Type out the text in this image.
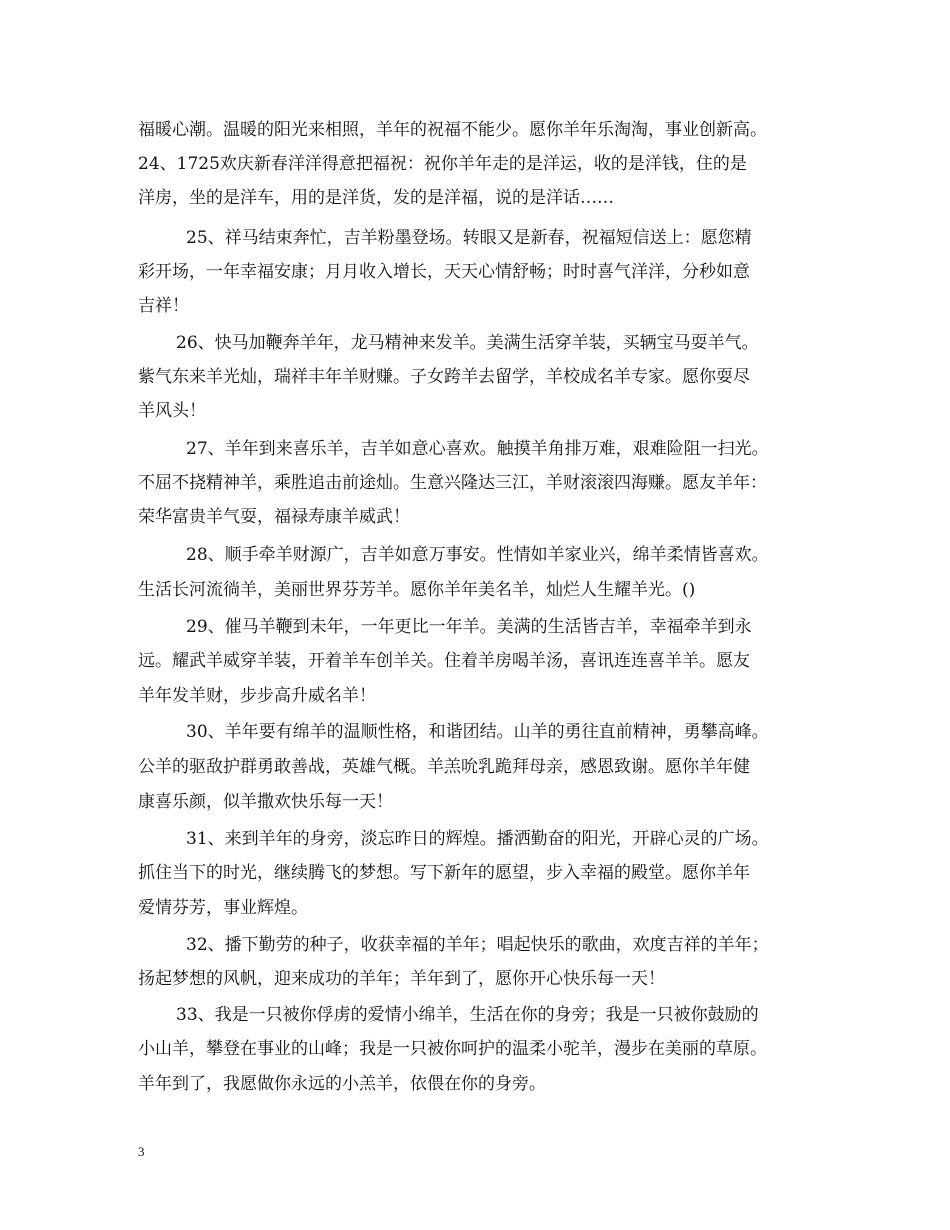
福暖心潮。温暖的阳光来相照，羊年的祝福不能少。愿你羊年乐淘淘，事业创新高。
24、1725欢庆新春洋洋得意把福祝：祝你羊年走的是洋运，收的是洋钱，住的是
洋房，坐的是洋车，用的是洋货，发的是洋福，说的是洋话……
25、祥马结束奔忙，吉羊粉墨登场。转眼又是新春，祝福短信送上：愿您精
彩开场，一年幸福安康；月月收入增长，天天心情舒畅；时时喜气洋洋，分秒如意
吉祥！
26、快马加鞭奔羊年，龙马精神来发羊。美满生活穿羊装，买辆宝马耍羊气。
紫气东来羊光灿，瑞祥丰年羊财赚。子女跨羊去留学，羊校成名羊专家。愿你耍尽
羊风头！
27、羊年到来喜乐羊，吉羊如意心喜欢。触摸羊角排万难，艰难险阻一扫光。
不屈不挠精神羊，乘胜追击前途灿。生意兴隆达三江，羊财滚滚四海赚。愿友羊年：
荣华富贵羊气耍，福禄寿康羊威武！
28、顺手牵羊财源广，吉羊如意万事安。性情如羊家业兴，绵羊柔情皆喜欢。
生活长河流徜羊，美丽世界芬芳羊。愿你羊年美名羊，灿烂人生耀羊光。()
29、催马羊鞭到未年，一年更比一年羊。美满的生活皆吉羊，幸福牵羊到永
远。耀武羊威穿羊装，开着羊车创羊关。住着羊房喝羊汤，喜讯连连喜羊羊。愿友
羊年发羊财，步步高升威名羊！
30、羊年要有绵羊的温顺性格，和谐团结。山羊的勇往直前精神，勇攀高峰。
公羊的驱敌护群勇敢善战，英雄气概。羊羔吮乳跪拜母亲，感恩致谢。愿你羊年健
康喜乐颜，似羊撒欢快乐每一天！
31、来到羊年的身旁，淡忘昨日的辉煌。播洒勤奋的阳光，开辟心灵的广场。
抓住当下的时光，继续腾飞的梦想。写下新年的愿望，步入幸福的殿堂。愿你羊年
爱情芬芳，事业辉煌。
32、播下勤劳的种子，收获幸福的羊年；唱起快乐的歌曲，欢度吉祥的羊年；
扬起梦想的风帆，迎来成功的羊年；羊年到了，愿你开心快乐每一天！
33、我是一只被你俘虏的爱情小绵羊，生活在你的身旁；我是一只被你鼓励的
小山羊，攀登在事业的山峰；我是一只被你呵护的温柔小驼羊，漫步在美丽的草原。
羊年到了，我愿做你永远的小羔羊，依偎在你的身旁。
3
